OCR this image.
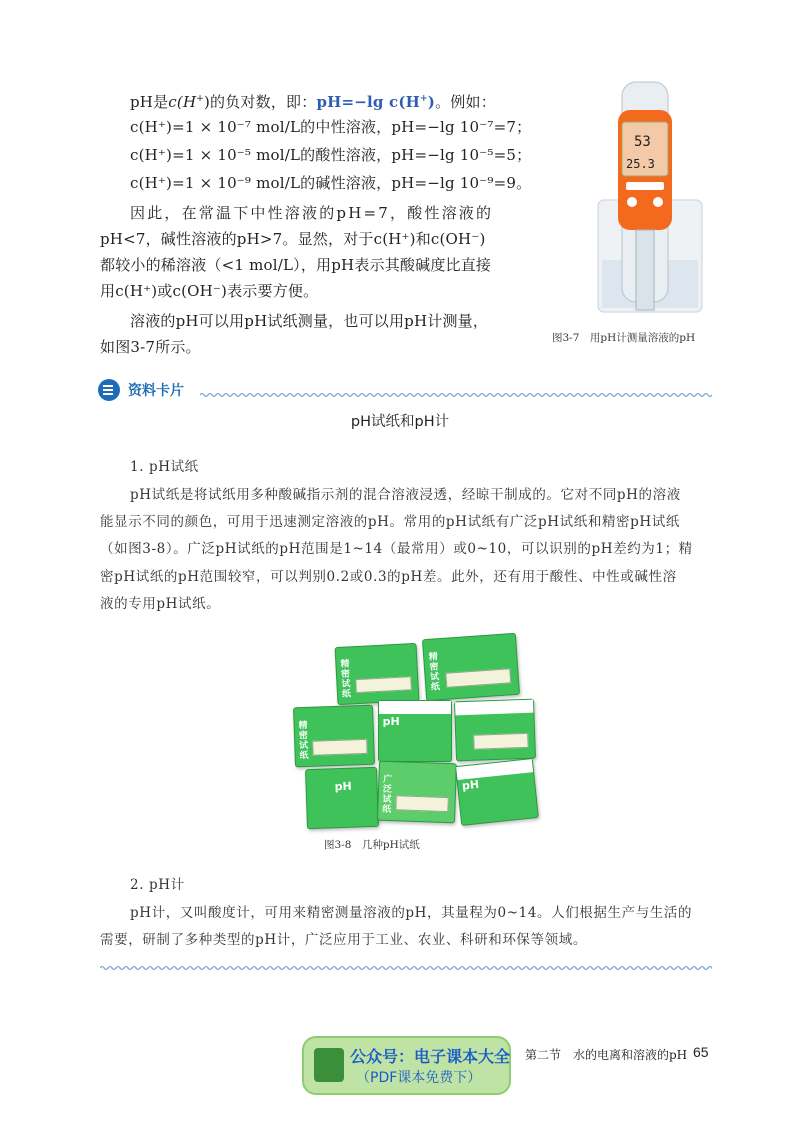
pH是c(H+)的负对数，即：pH=−lg c(H+)。例如：
c(H⁺)=1 × 10⁻⁷ mol/L的中性溶液，pH=−lg 10⁻⁷=7；
c(H⁺)=1 × 10⁻⁵ mol/L的酸性溶液，pH=−lg 10⁻⁵=5；
c(H⁺)=1 × 10⁻⁹ mol/L的碱性溶液，pH=−lg 10⁻⁹=9。
因此，在常温下中性溶液的pH=7，酸性溶液的
pH<7，碱性溶液的pH>7。显然，对于c(H⁺)和c(OH⁻)
都较小的稀溶液（<1 mol/L），用pH表示其酸碱度比直接
用c(H⁺)或c(OH⁻)表示要方便。
溶液的pH可以用pH试纸测量，也可以用pH计测量，
如图3-7所示。
53
25.3
图3-7　用pH计测量溶液的pH
资料卡片
pH试纸和pH计
1. pH试纸
pH试纸是将试纸用多种酸碱指示剂的混合溶液浸透，经晾干制成的。它对不同pH的溶液
能显示不同的颜色，可用于迅速测定溶液的pH。常用的pH试纸有广泛pH试纸和精密pH试纸
（如图3-8）。广泛pH试纸的pH范围是1~14（最常用）或0~10，可以识别的pH差约为1；精
密pH试纸的pH范围较窄，可以判别0.2或0.3的pH差。此外，还有用于酸性、中性或碱性溶
液的专用pH试纸。
精
密
试
纸
精
密
试
纸
精
密
试
纸
pH
pH	广
泛
试
纸
pH
图3-8　几种pH试纸
2. pH计
pH计，又叫酸度计，可用来精密测量溶液的pH，其量程为0~14。人们根据生产与生活的
需要，研制了多种类型的pH计，广泛应用于工业、农业、科研和环保等领域。
公众号：电子课本大全
（PDF课本免费下）
第二节　水的电离和溶液的pH 65
